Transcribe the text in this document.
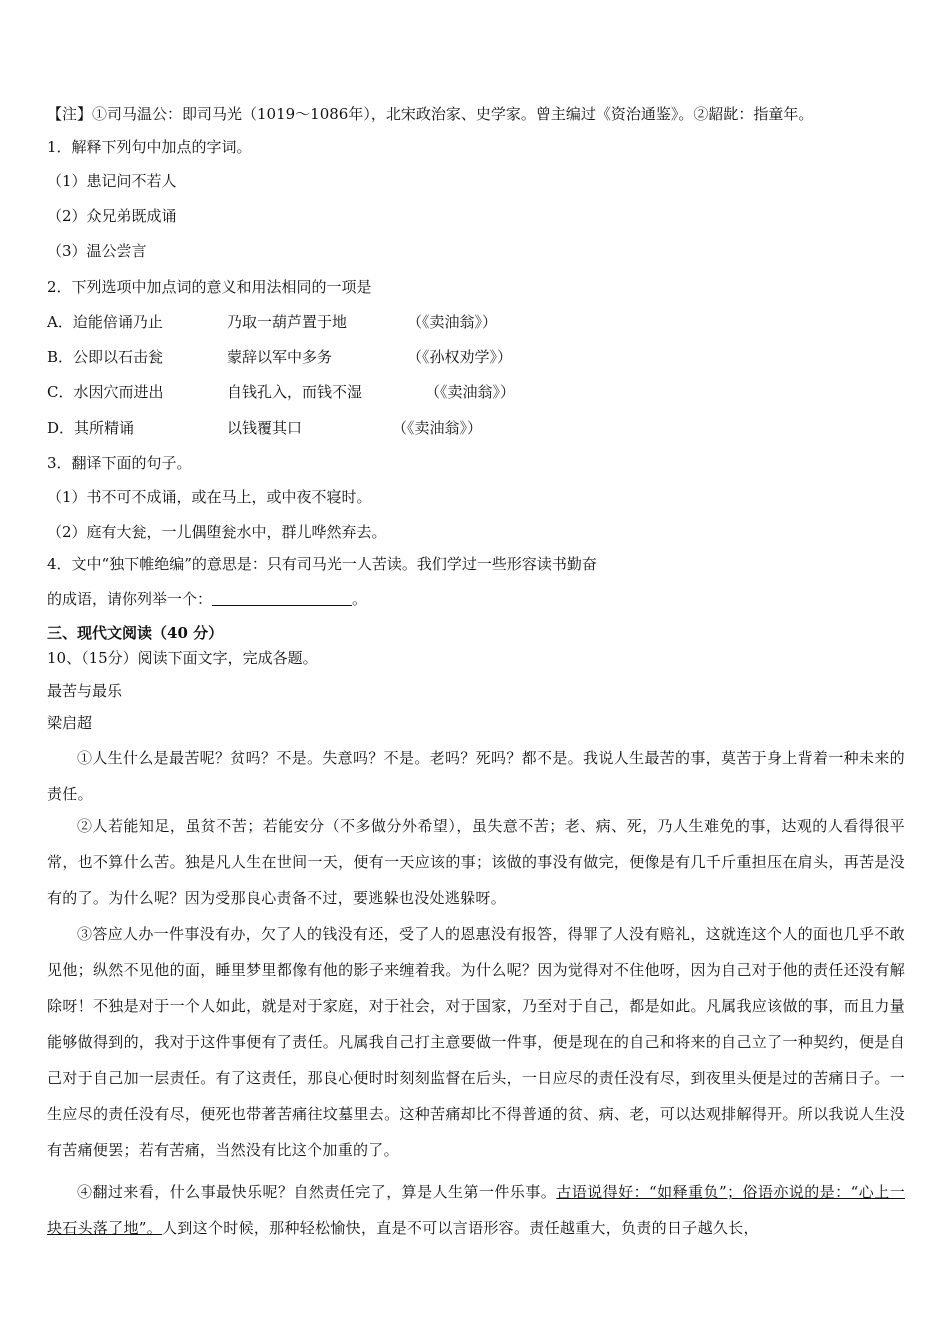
【注】①司马温公：即司马光（1019～1086年），北宋政治家、史学家。曾主编过《资治通鉴》。②龆龀：指童年。
1．解释下列句中加点的字词。
（1）患记问不若人
（2）众兄弟既成诵
（3）温公尝言
2．下列选项中加点词的意义和用法相同的一项是
A．迨能倍诵乃止	乃取一葫芦置于地	（《卖油翁》）
B．公即以石击瓮	蒙辞以军中多务	（《孙权劝学》）
C．水因穴而进出	自钱孔入，而钱不湿	（《卖油翁》）
D．其所精诵	以钱覆其口	（《卖油翁》）
3．翻译下面的句子。
（1）书不可不成诵，或在马上，或中夜不寝时。
（2）庭有大瓮，一儿偶堕瓮水中，群儿哗然弃去。
4．文中“独下帷绝编”的意思是：只有司马光一人苦读。我们学过一些形容读书勤奋
的成语，请你列举一个：	。
三、现代文阅读（40 分）
10、（15分）阅读下面文字，完成各题。
最苦与最乐
梁启超
①人生什么是最苦呢？贫吗？不是。失意吗？不是。老吗？死吗？都不是。我说人生最苦的事，莫苦于身上背着一种未来的责任。
②人若能知足，虽贫不苦；若能安分（不多做分外希望），虽失意不苦；老、病、死，乃人生难免的事，达观的人看得很平常，也不算什么苦。独是凡人生在世间一天，便有一天应该的事；该做的事没有做完，便像是有几千斤重担压在肩头，再苦是没有的了。为什么呢？因为受那良心责备不过，要逃躲也没处逃躲呀。
③答应人办一件事没有办，欠了人的钱没有还，受了人的恩惠没有报答，得罪了人没有赔礼，这就连这个人的面也几乎不敢见他；纵然不见他的面，睡里梦里都像有他的影子来缠着我。为什么呢？因为觉得对不住他呀，因为自己对于他的责任还没有解除呀！不独是对于一个人如此，就是对于家庭，对于社会，对于国家，乃至对于自己，都是如此。凡属我应该做的事，而且力量能够做得到的，我对于这件事便有了责任。凡属我自己打主意要做一件事，便是现在的自己和将来的自己立了一种契约，便是自己对于自己加一层责任。有了这责任，那良心便时时刻刻监督在后头，一日应尽的责任没有尽，到夜里头便是过的苦痛日子。一生应尽的责任没有尽，便死也带著苦痛往坟墓里去。这种苦痛却比不得普通的贫、病、老，可以达观排解得开。所以我说人生没有苦痛便罢；若有苦痛，当然没有比这个加重的了。
④翻过来看，什么事最快乐呢？自然责任完了，算是人生第一件乐事。古语说得好：“如释重负”；俗语亦说的是：“心上一块石头落了地”。人到这个时候，那种轻松愉快，直是不可以言语形容。责任越重大，负责的日子越久长，
